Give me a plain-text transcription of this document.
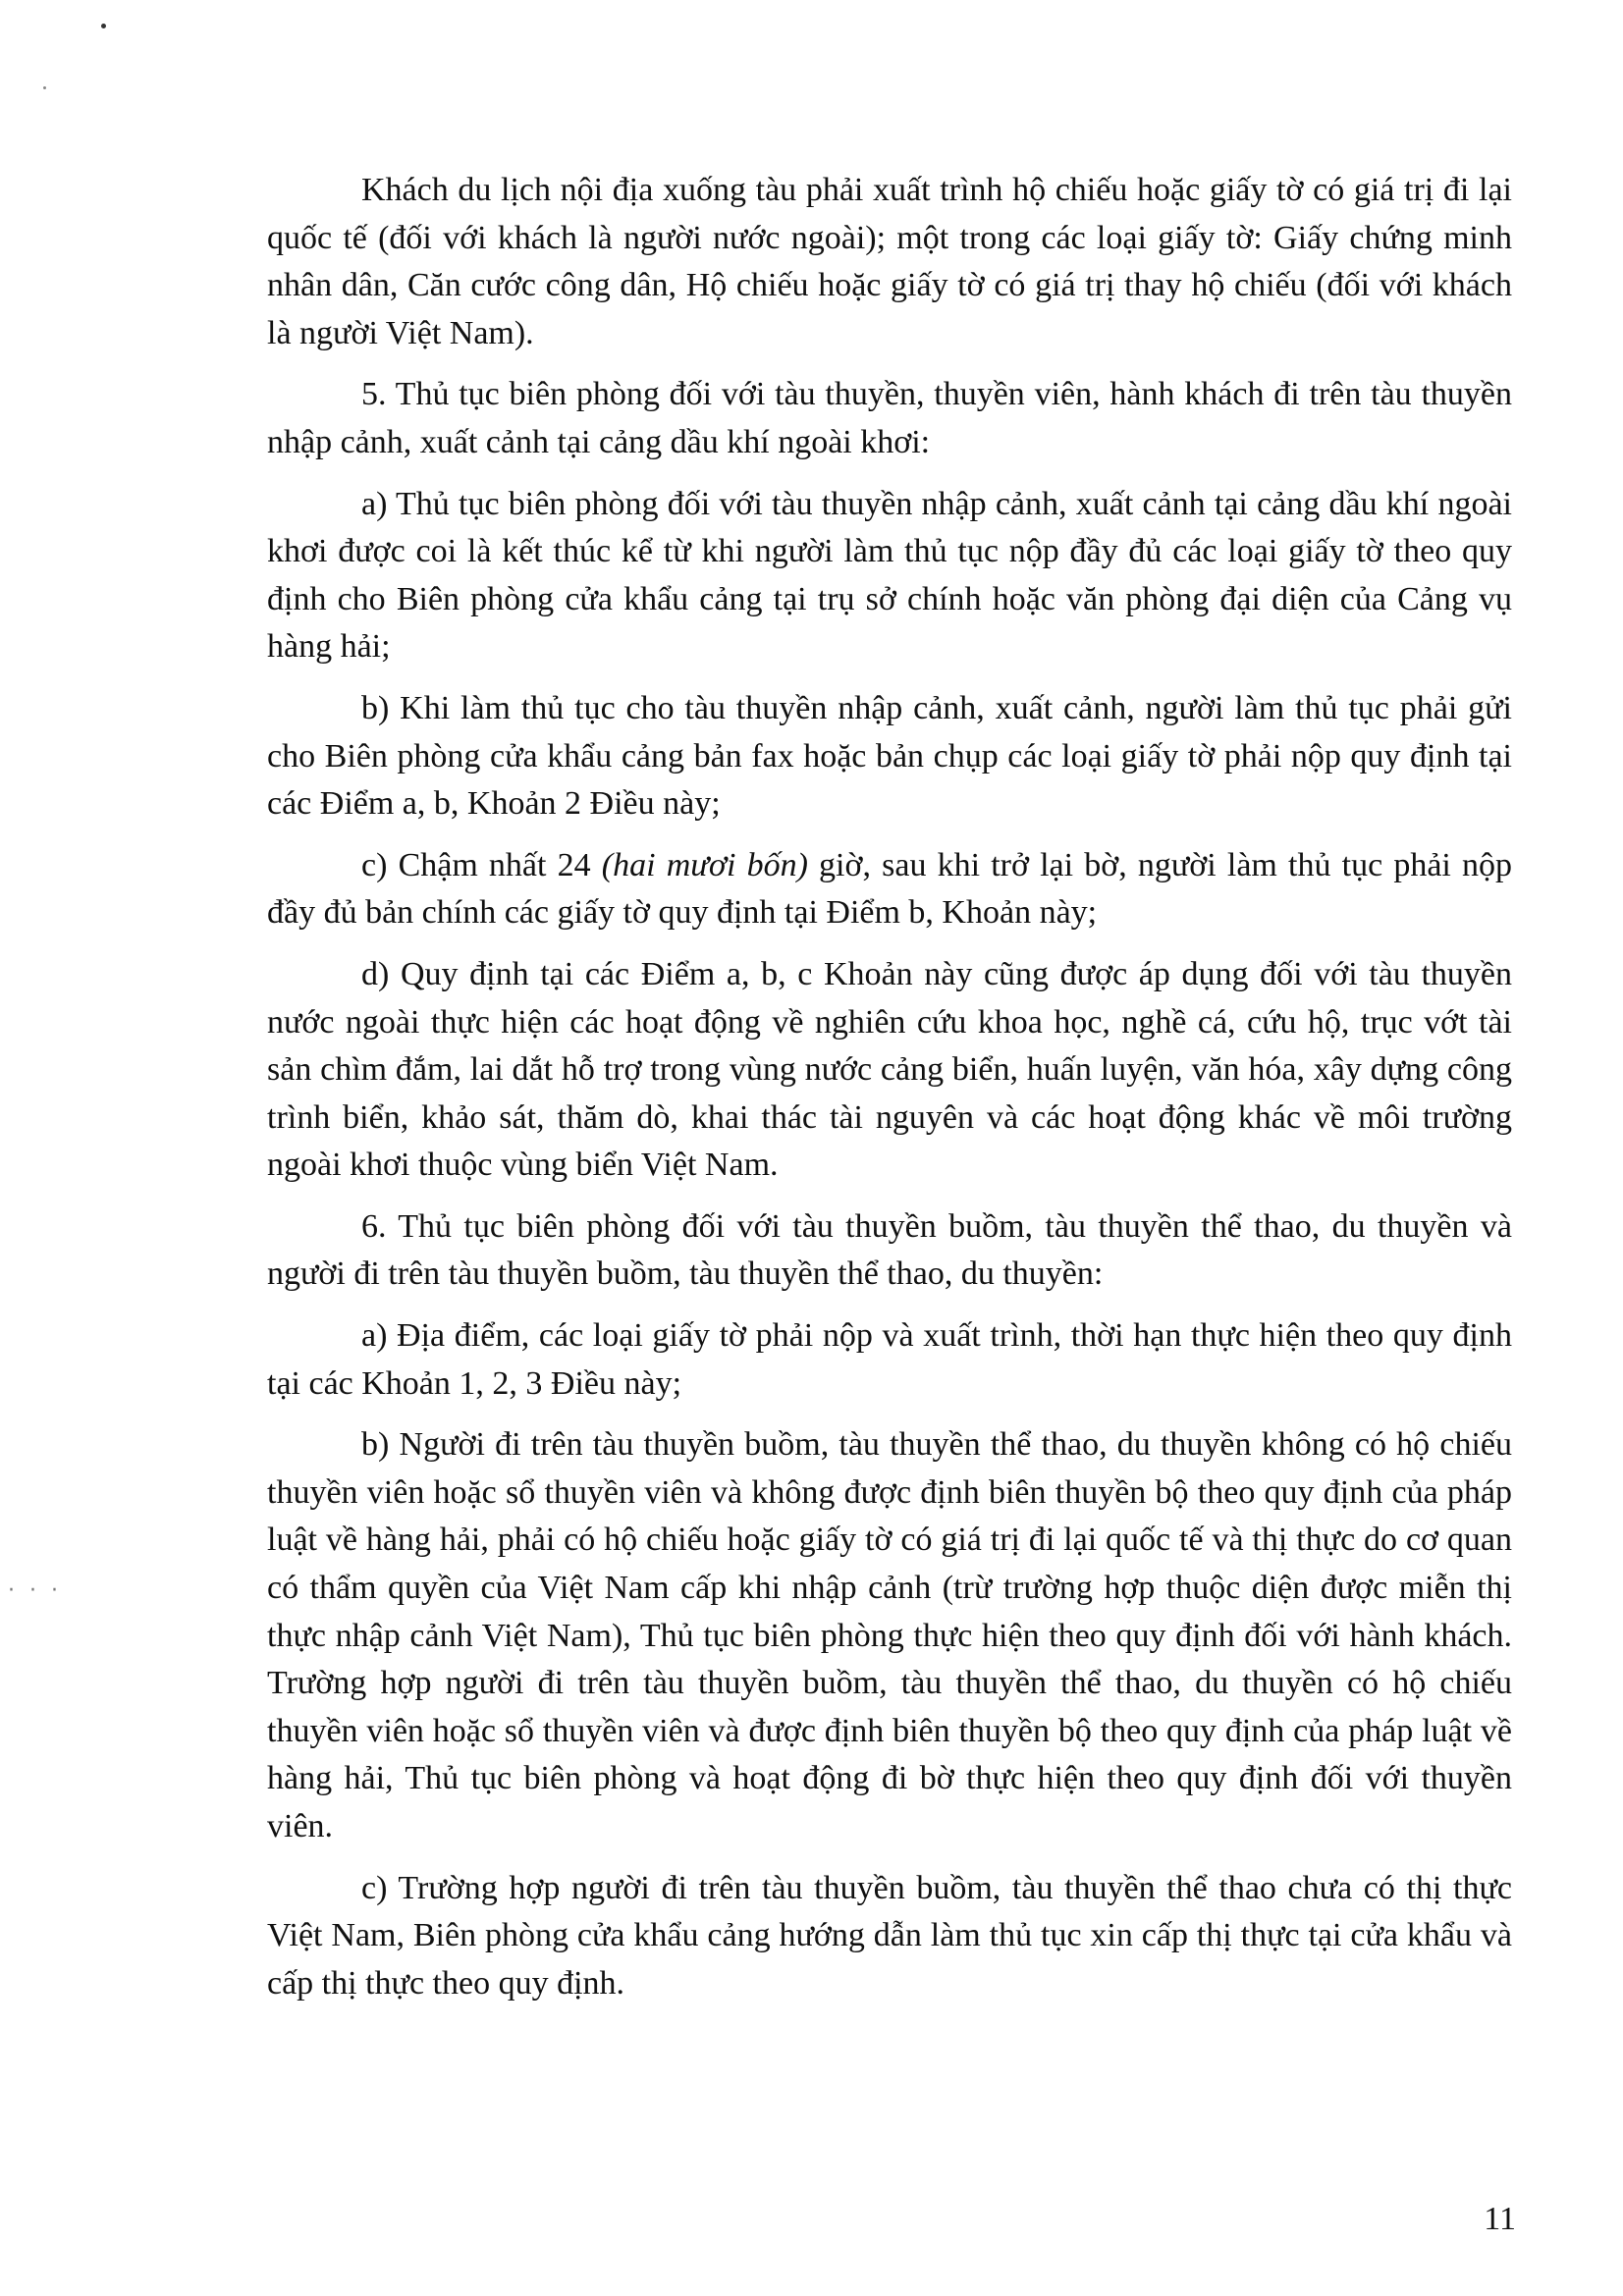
· · ·

Khách du lịch nội địa xuống tàu phải xuất trình hộ chiếu hoặc giấy tờ có giá trị đi lại quốc tế (đối với khách là người nước ngoài); một trong các loại giấy tờ: Giấy chứng minh nhân dân, Căn cước công dân, Hộ chiếu hoặc giấy tờ có giá trị thay hộ chiếu (đối với khách là người Việt Nam).

5. Thủ tục biên phòng đối với tàu thuyền, thuyền viên, hành khách đi trên tàu thuyền nhập cảnh, xuất cảnh tại cảng dầu khí ngoài khơi:

a) Thủ tục biên phòng đối với tàu thuyền nhập cảnh, xuất cảnh tại cảng dầu khí ngoài khơi được coi là kết thúc kể từ khi người làm thủ tục nộp đầy đủ các loại giấy tờ theo quy định cho Biên phòng cửa khẩu cảng tại trụ sở chính hoặc văn phòng đại diện của Cảng vụ hàng hải;

b) Khi làm thủ tục cho tàu thuyền nhập cảnh, xuất cảnh, người làm thủ tục phải gửi cho Biên phòng cửa khẩu cảng bản fax hoặc bản chụp các loại giấy tờ phải nộp quy định tại các Điểm a, b, Khoản 2 Điều này;

c) Chậm nhất 24 (hai mươi bốn) giờ, sau khi trở lại bờ, người làm thủ tục phải nộp đầy đủ bản chính các giấy tờ quy định tại Điểm b, Khoản này;

d) Quy định tại các Điểm a, b, c Khoản này cũng được áp dụng đối với tàu thuyền nước ngoài thực hiện các hoạt động về nghiên cứu khoa học, nghề cá, cứu hộ, trục vớt tài sản chìm đắm, lai dắt hỗ trợ trong vùng nước cảng biển, huấn luyện, văn hóa, xây dựng công trình biển, khảo sát, thăm dò, khai thác tài nguyên và các hoạt động khác về môi trường ngoài khơi thuộc vùng biển Việt Nam.

6. Thủ tục biên phòng đối với tàu thuyền buồm, tàu thuyền thể thao, du thuyền và người đi trên tàu thuyền buồm, tàu thuyền thể thao, du thuyền:

a) Địa điểm, các loại giấy tờ phải nộp và xuất trình, thời hạn thực hiện theo quy định tại các Khoản 1, 2, 3 Điều này;

b) Người đi trên tàu thuyền buồm, tàu thuyền thể thao, du thuyền không có hộ chiếu thuyền viên hoặc sổ thuyền viên và không được định biên thuyền bộ theo quy định của pháp luật về hàng hải, phải có hộ chiếu hoặc giấy tờ có giá trị đi lại quốc tế và thị thực do cơ quan có thẩm quyền của Việt Nam cấp khi nhập cảnh (trừ trường hợp thuộc diện được miễn thị thực nhập cảnh Việt Nam), Thủ tục biên phòng thực hiện theo quy định đối với hành khách. Trường hợp người đi trên tàu thuyền buồm, tàu thuyền thể thao, du thuyền có hộ chiếu thuyền viên hoặc sổ thuyền viên và được định biên thuyền bộ theo quy định của pháp luật về hàng hải, Thủ tục biên phòng và hoạt động đi bờ thực hiện theo quy định đối với thuyền viên.

c) Trường hợp người đi trên tàu thuyền buồm, tàu thuyền thể thao chưa có thị thực Việt Nam, Biên phòng cửa khẩu cảng hướng dẫn làm thủ tục xin cấp thị thực tại cửa khẩu và cấp thị thực theo quy định.

11
